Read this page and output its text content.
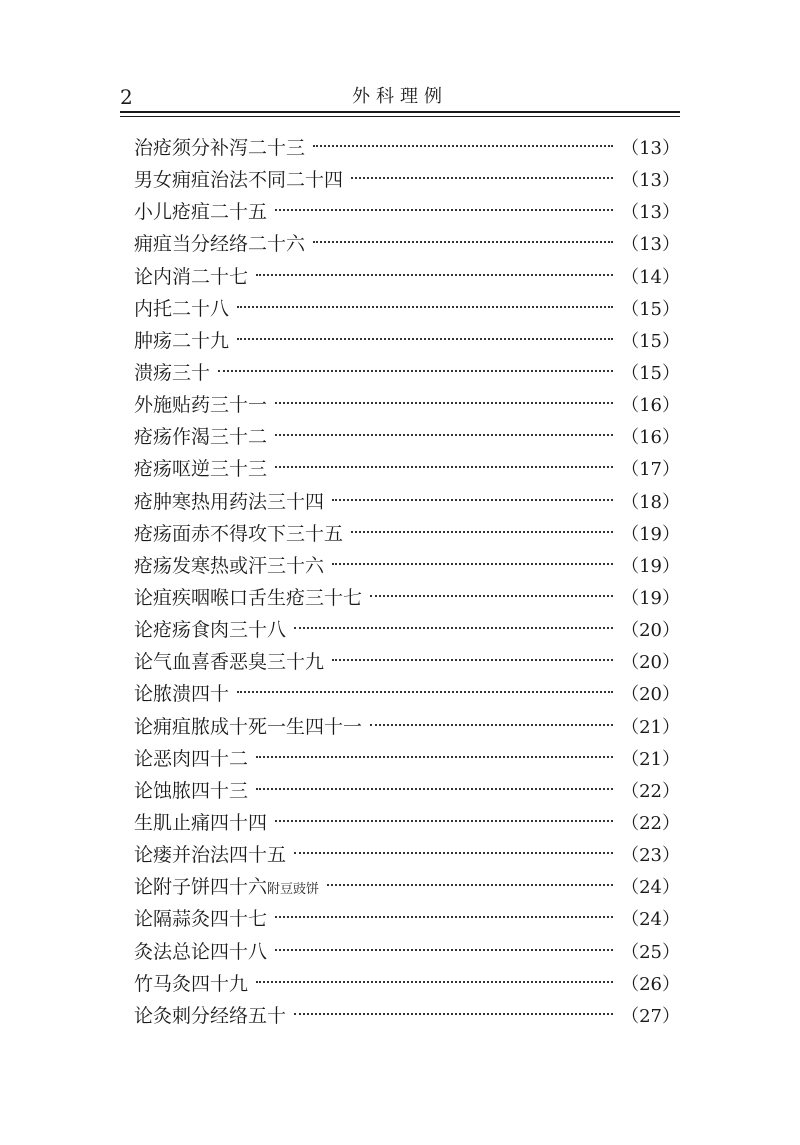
2	外科理例
治疮须分补泻二十三	（13）
男女痈疽治法不同二十四	（13）
小儿疮疽二十五	（13）
痈疽当分经络二十六	（13）
论内消二十七	（14）
内托二十八	（15）
肿疡二十九	（15）
溃疡三十	（15）
外施贴药三十一	（16）
疮疡作渴三十二	（16）
疮疡呕逆三十三	（17）
疮肿寒热用药法三十四	（18）
疮疡面赤不得攻下三十五	（19）
疮疡发寒热或汗三十六	（19）
论疽疾咽喉口舌生疮三十七	（19）
论疮疡食肉三十八	（20）
论气血喜香恶臭三十九	（20）
论脓溃四十	（20）
论痈疽脓成十死一生四十一	（21）
论恶肉四十二	（21）
论蚀脓四十三	（22）
生肌止痛四十四	（22）
论瘘并治法四十五	（23）
论附子饼四十六 附豆豉饼	（24）
论隔蒜灸四十七	（24）
灸法总论四十八	（25）
竹马灸四十九	（26）
论灸刺分经络五十	（27）
